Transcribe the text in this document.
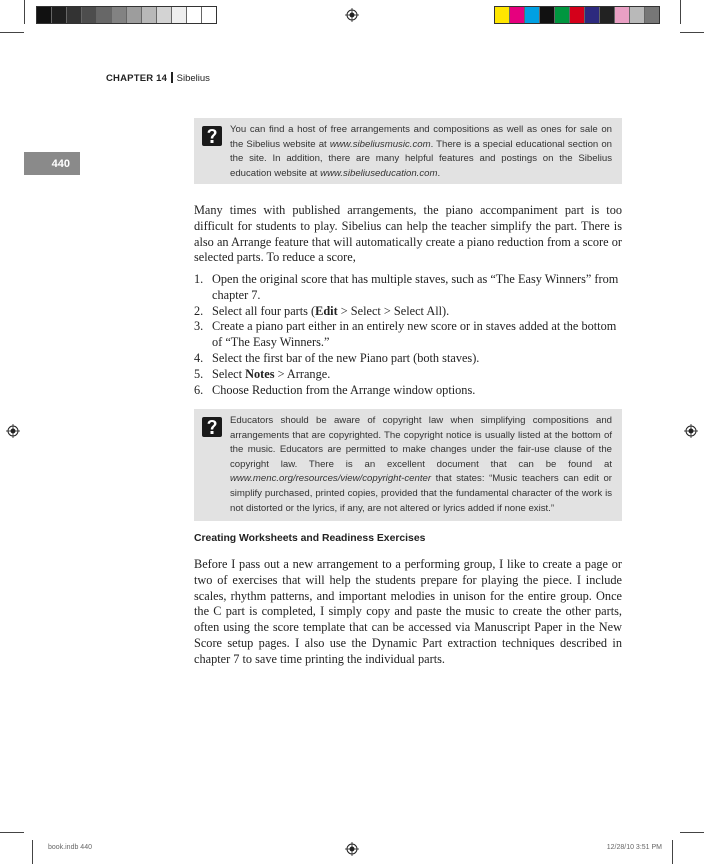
CHAPTER 14 Sibelius
440
You can find a host of free arrangements and compositions as well as ones for sale on the Sibelius website at www.sibeliusmusic.com. There is a special educational section on the site. In addition, there are many helpful features and postings on the Sibelius education website at www.sibeliuseducation.com.
Many times with published arrangements, the piano accompaniment part is too difficult for students to play. Sibelius can help the teacher simplify the part. There is also an Arrange feature that will automatically create a piano reduction from a score or selected parts. To reduce a score,
1. Open the original score that has multiple staves, such as “The Easy Winners” from chapter 7.
2. Select all four parts (Edit > Select > Select All).
3. Create a piano part either in an entirely new score or in staves added at the bottom of “The Easy Winners.”
4. Select the first bar of the new Piano part (both staves).
5. Select Notes > Arrange.
6. Choose Reduction from the Arrange window options.
Educators should be aware of copyright law when simplifying compositions and arrangements that are copyrighted. The copyright notice is usually listed at the bottom of the music. Educators are permitted to make changes under the fair-use clause of the copyright law. There is an excellent document that can be found at www.menc.org/resources/view/copyright-center that states: “Music teachers can edit or simplify purchased, printed copies, provided that the fundamental character of the work is not distorted or the lyrics, if any, are not altered or lyrics added if none exist.”
Creating Worksheets and Readiness Exercises
Before I pass out a new arrangement to a performing group, I like to create a page or two of exercises that will help the students prepare for playing the piece. I include scales, rhythm patterns, and important melodies in unison for the entire group. Once the C part is completed, I simply copy and paste the music to create the other parts, often using the score template that can be accessed via Manuscript Paper in the New Score setup pages. I also use the Dynamic Part extraction techniques described in chapter 7 to save time printing the individual parts.
book.indb 440	12/28/10 3:51 PM
